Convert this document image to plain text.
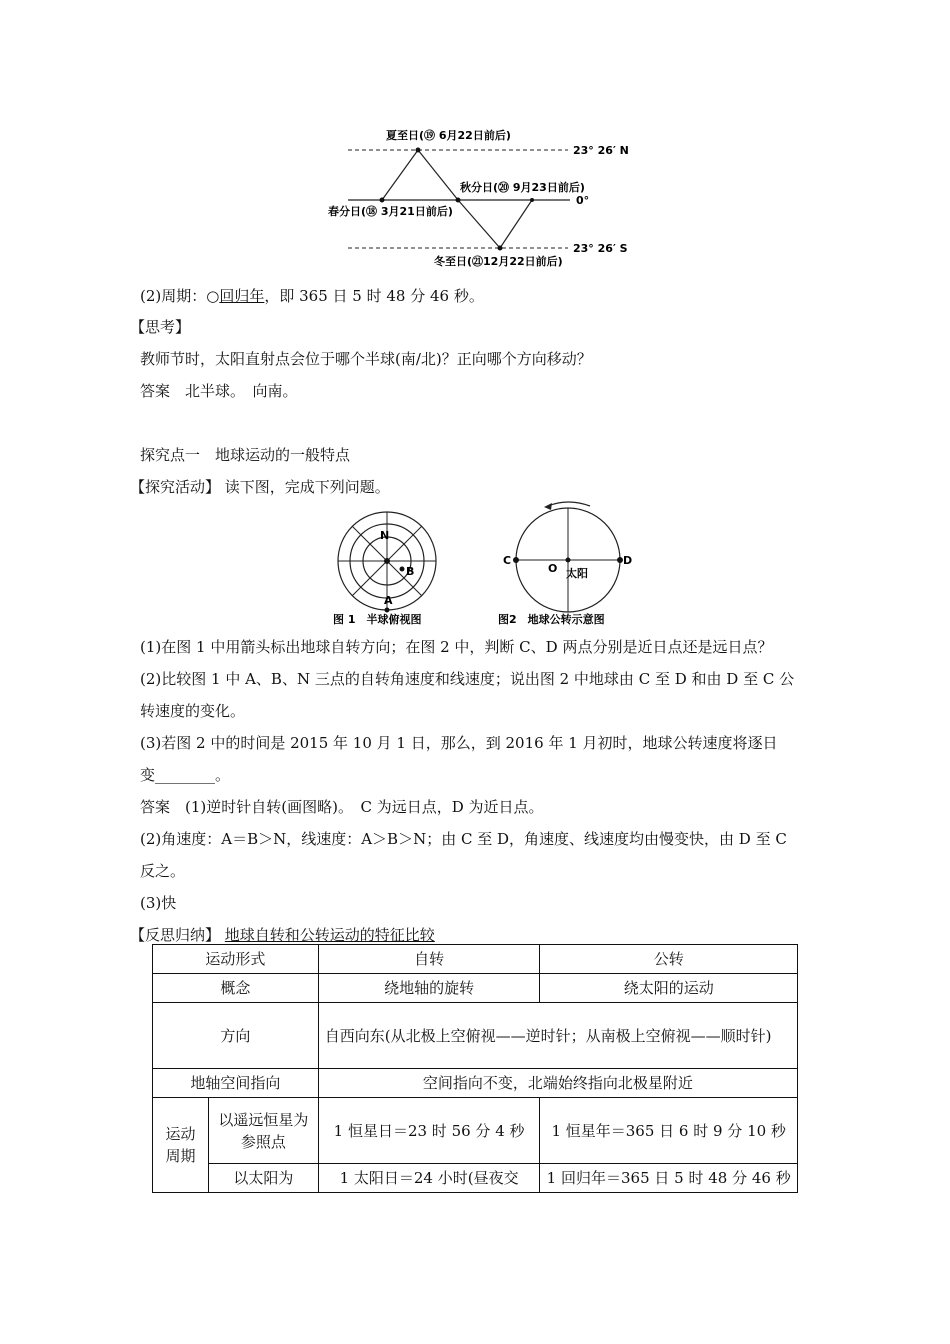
夏至日(⑲ 6月22日前后)
秋分日(⑳ 9月23日前后)
春分日(⑱ 3月21日前后)
冬至日(㉑12月22日前后)
23° 26′ N
0°
23° 26′ S
(2)周期：○回归年，即 365 日 5 时 48 分 46 秒。
【思考】
教师节时，太阳直射点会位于哪个半球(南/北)？正向哪个方向移动？
答案　北半球。　向南。
探究点一　地球运动的一般特点
【探究活动】 读下图，完成下列问题。
N
B
A
图 1　半球俯视图
C	D
O 太阳
图2　地球公转示意图
(1)在图 1 中用箭头标出地球自转方向；在图 2 中，判断 C、D 两点分别是近日点还是远日点？
(2)比较图 1 中 A、B、N 三点的自转角速度和线速度；说出图 2 中地球由 C 至 D 和由 D 至 C 公
转速度的变化。
(3)若图 2 中的时间是 2015 年 10 月 1 日，那么，到 2016 年 1 月初时，地球公转速度将逐日
变________。
答案　(1)逆时针自转(画图略)。　C 为远日点，D 为近日点。
(2)角速度：A＝B＞N，线速度：A＞B＞N；由 C 至 D，角速度、线速度均由慢变快，由 D 至 C
反之。
(3)快
【反思归纳】 地球自转和公转运动的特征比较
运动形式		自转	公转
概念		绕地轴的旋转	绕太阳的运动
方向		自西向东(从北极上空俯视——逆时针；从南极上空俯视——顺时针)	
地轴空间指向		空间指向不变，北端始终指向北极星附近	
运动周期	以遥远恒星为参照点	1 恒星日＝23 时 56 分 4 秒	1 恒星年＝365 日 6 时 9 分 10 秒
	以太阳为	1 太阳日＝24 小时(昼夜交	1 回归年＝365 日 5 时 48 分 46 秒
